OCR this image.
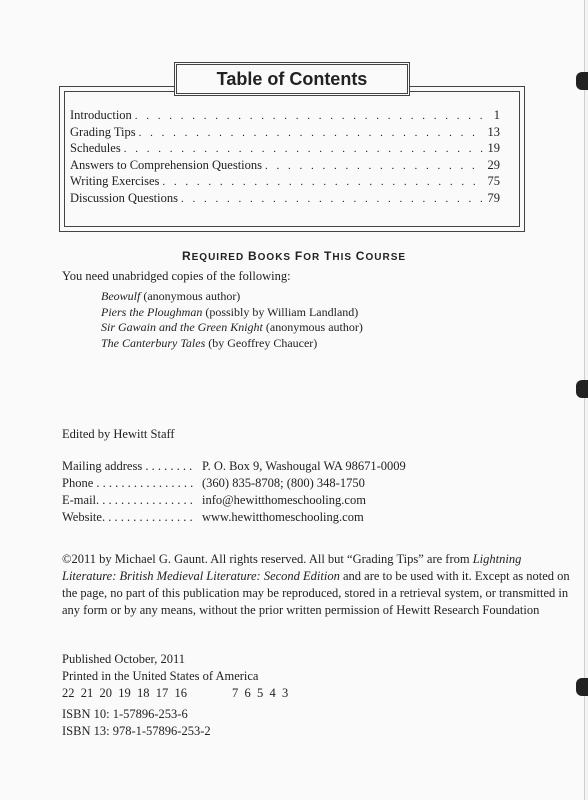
Table of Contents
Introduction . . .	1
Grading Tips . . .	13
Schedules . . .	19
Answers to Comprehension Questions . . .	29
Writing Exercises . . .	75
Discussion Questions . . .	79
REQUIRED BOOKS FOR THIS COURSE
You need unabridged copies of the following:
Beowulf (anonymous author)
Piers the Ploughman (possibly by William Landland)
Sir Gawain and the Green Knight (anonymous author)
The Canterbury Tales (by Geoffrey Chaucer)
Edited by Hewitt Staff
Mailing address . . . . . . . . P. O. Box 9, Washougal WA 98671-0009
Phone . . . . . . . . . . . . . . . . (360) 835-8708; (800) 348-1750
E-mail. . . . . . . . . . . . . . . . info@hewitthomeschooling.com
Website. . . . . . . . . . . . . . . www.hewitthomeschooling.com
©2011 by Michael G. Gaunt. All rights reserved. All but “Grading Tips” are from Lightning Literature: British Medieval Literature: Second Edition and are to be used with it. Except as noted on the page, no part of this publication may be reproduced, stored in a retrieval system, or transmitted in any form or by any means, without the prior written permission of Hewitt Research Foundation
Published October, 2011
Printed in the United States of America
22  21  20  19  18  17  16	7  6  5  4  3
ISBN 10: 1-57896-253-6
ISBN 13: 978-1-57896-253-2
